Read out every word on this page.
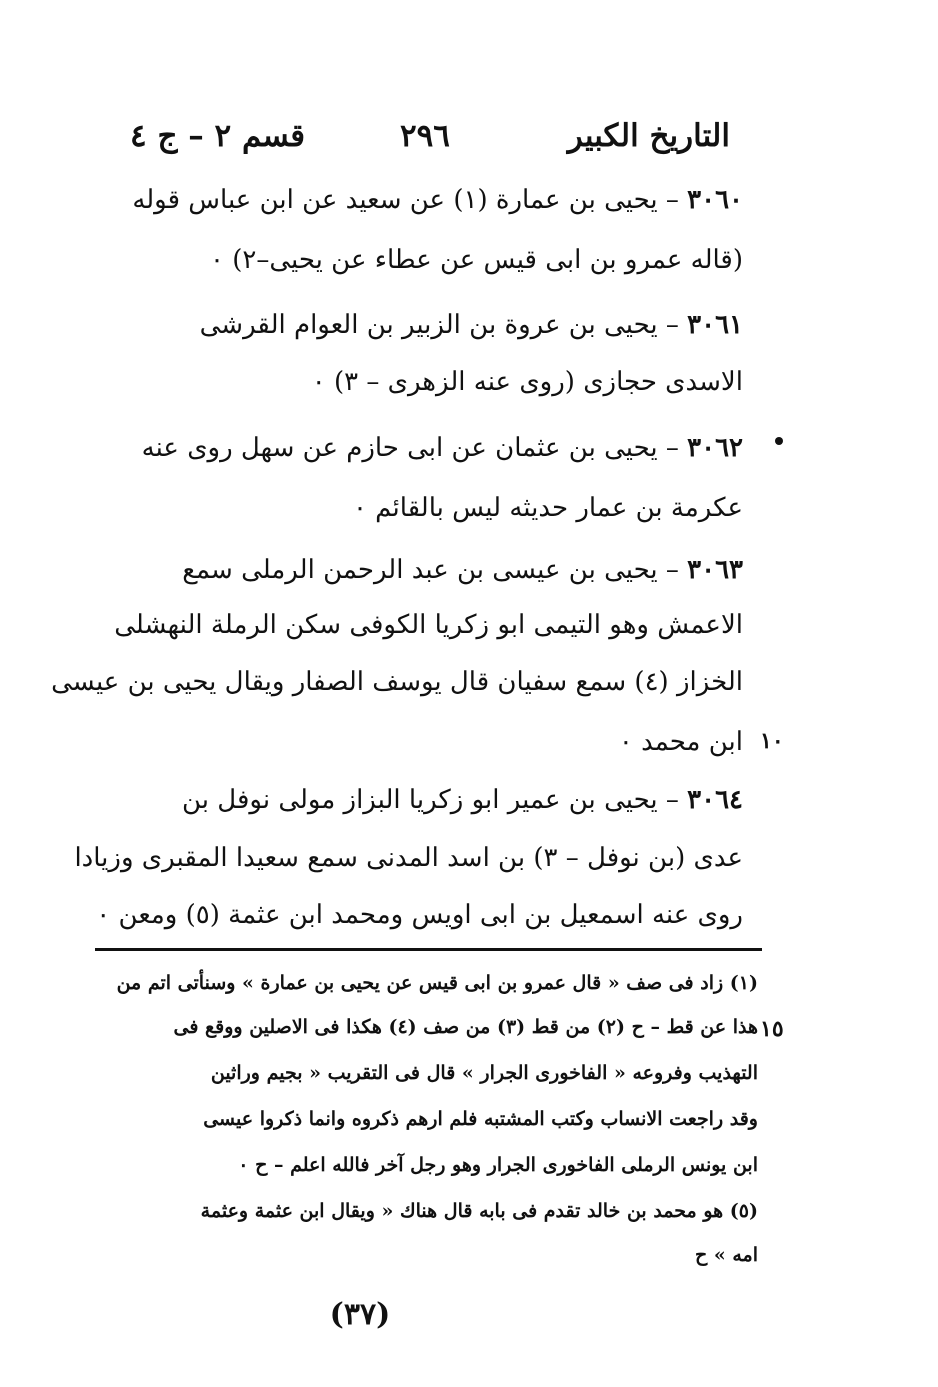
التاريخ الكبير
٢٩٦
قسم ٢ – ج ٤
٣٠٦٠ – يحيى بن عمارة (١) عن سعيد عن ابن عباس قوله
(قاله عمرو بن ابى قيس عن عطاء عن يحيى–٢) ٠
٣٠٦١ – يحيى بن عروة بن الزبير بن العوام القرشى
الاسدى حجازى (روى عنه الزهرى – ٣) ٠
٣٠٦٢ – يحيى بن عثمان عن ابى حازم عن سهل روى عنه
عكرمة بن عمار حديثه ليس بالقائم ٠
٣٠٦٣ – يحيى بن عيسى بن عبد الرحمن الرملى سمع
الاعمش وهو التيمى ابو زكريا الكوفى سكن الرملة النهشلى
الخزاز (٤) سمع سفيان قال يوسف الصفار ويقال يحيى بن عيسى
ابن محمد ٠ ١٠
٣٠٦٤ – يحيى بن عمير ابو زكريا البزاز مولى نوفل بن
عدى (بن نوفل – ٣) بن اسد المدنى سمع سعيدا المقبرى وزيادا
روى عنه اسمعيل بن ابى اويس ومحمد ابن عثمة (٥) ومعن ٠
(١) زاد فى صف « قال عمرو بن ابى قيس عن يحيى بن عمارة » وسنأتى اتم من
هذا عن قط – ح (٢) من قط (٣) من صف (٤) هكذا فى الاصلين ووقع فى ١٥
التهذيب وفروعه « الفاخورى الجرار » قال فى التقريب « بجيم وراثين
وقد راجعت الانساب وكتب المشتبه فلم ارهم ذكروه وانما ذكروا عيسى
ابن يونس الرملى الفاخورى الجرار وهو رجل آخر فالله اعلم – ح ٠
(٥) هو محمد بن خالد تقدم فى بابه قال هناك « ويقال ابن عثمة وعثمة
امه » ح
(٣٧)
